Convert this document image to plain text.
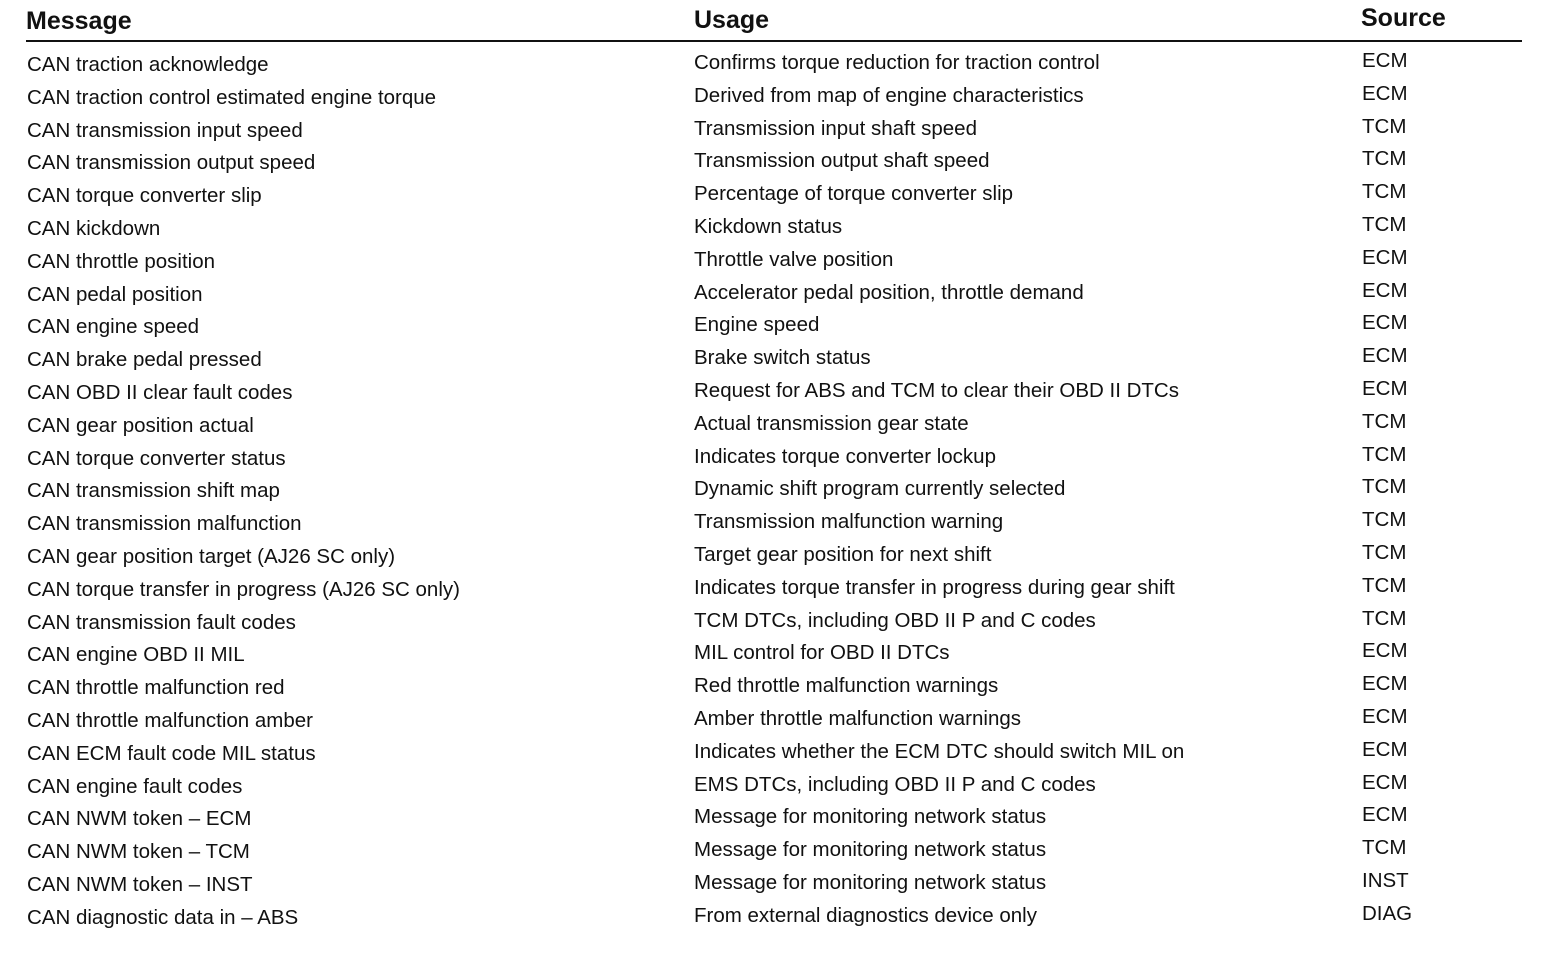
Message	Usage	Source
CAN traction acknowledge	Confirms torque reduction for traction control	ECM
CAN traction control estimated engine torque	Derived from map of engine characteristics	ECM
CAN transmission input speed	Transmission input shaft speed	TCM
CAN transmission output speed	Transmission output shaft speed	TCM
CAN torque converter slip	Percentage of torque converter slip	TCM
CAN kickdown	Kickdown status	TCM
CAN throttle position	Throttle valve position	ECM
CAN pedal position	Accelerator pedal position, throttle demand	ECM
CAN engine speed	Engine speed	ECM
CAN brake pedal pressed	Brake switch status	ECM
CAN OBD II clear fault codes	Request for ABS and TCM to clear their OBD II DTCs	ECM
CAN gear position actual	Actual transmission gear state	TCM
CAN torque converter status	Indicates torque converter lockup	TCM
CAN transmission shift map	Dynamic shift program currently selected	TCM
CAN transmission malfunction	Transmission malfunction warning	TCM
CAN gear position target (AJ26 SC only)	Target gear position for next shift	TCM
CAN torque transfer in progress (AJ26 SC only)	Indicates torque transfer in progress during gear shift	TCM
CAN transmission fault codes	TCM DTCs, including OBD II P and C codes	TCM
CAN engine OBD II MIL	MIL control for OBD II DTCs	ECM
CAN throttle malfunction red	Red throttle malfunction warnings	ECM
CAN throttle malfunction amber	Amber throttle malfunction warnings	ECM
CAN ECM fault code MIL status	Indicates whether the ECM DTC should switch MIL on	ECM
CAN engine fault codes	EMS DTCs, including OBD II P and C codes	ECM
CAN NWM token – ECM	Message for monitoring network status	ECM
CAN NWM token – TCM	Message for monitoring network status	TCM
CAN NWM token – INST	Message for monitoring network status	INST
CAN diagnostic data in – ABS	From external diagnostics device only	DIAG
